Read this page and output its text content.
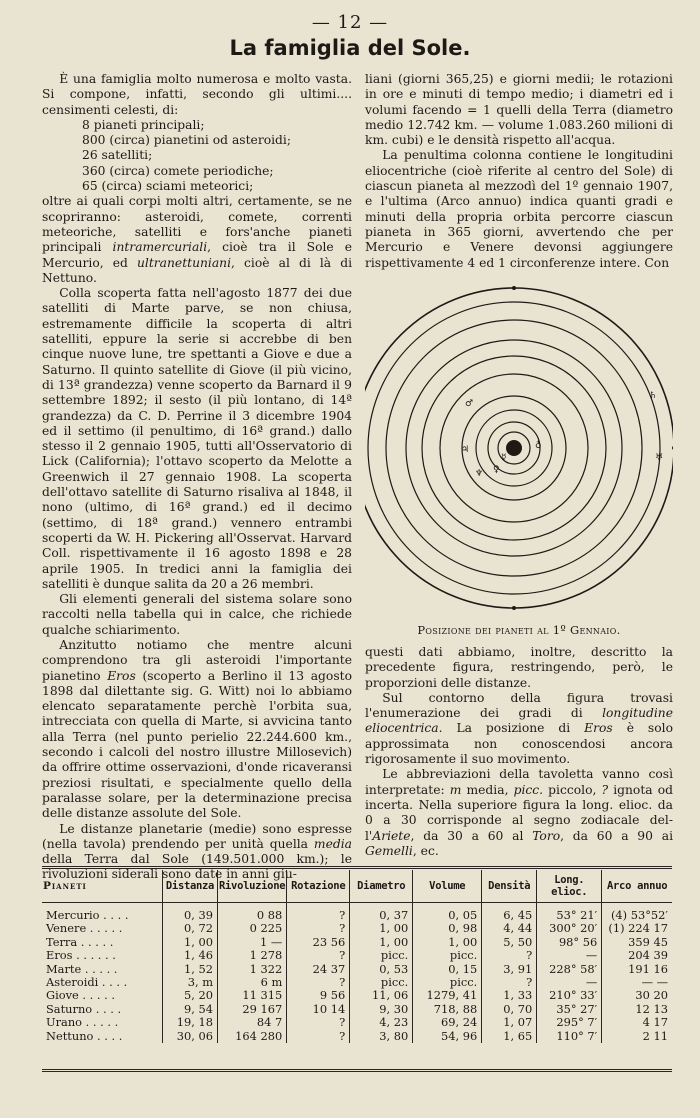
— 12 —
La famiglia del Sole.

È una famiglia molto numerosa e molto vasta. Si compone, infatti, secondo gli ultimi.... censimenti celesti, di:

8 pianeti principali;
800 (circa) pianetini od asteroidi;
26 satelliti;
360 (circa) comete periodiche;
65 (circa) sciami meteorici;

oltre ai quali corpi molti altri, certamente, se ne scopriranno: asteroidi, comete, correnti meteoriche, satelliti e fors'anche pianeti principali intramercuriali, cioè tra il Sole e Mercurio, ed ultranettuniani, cioè al di là di Nettuno.

Colla scoperta fatta nell'agosto 1877 dei due satelliti di Marte parve, se non chiusa, estremamente difficile la scoperta di altri satelliti, eppure la serie si accrebbe di ben cinque nuove lune, tre spettanti a Giove e due a Saturno. Il quinto satellite di Giove (il più vicino, di 13ª grandezza) venne scoperto da Barnard il 9 settembre 1892; il sesto (il più lontano, di 14ª grandezza) da C. D. Perrine il 3 dicembre 1904 ed il settimo (il penultimo, di 16ª grand.) dallo stesso il 2 gennaio 1905, tutti all'Osservatorio di Lick (California); l'ottavo scoperto da Melotte a Greenwich il 27 gennaio 1908. La scoperta dell'ottavo satellite di Saturno risaliva al 1848, il nono (ultimo, di 16ª grand.) ed il decimo (settimo, di 18ª grand.) vennero entrambi scoperti da W. H. Pickering all'Osservat. Harvard Coll. rispettivamente il 16 agosto 1898 e 28 aprile 1905. In tredici anni la famiglia dei satelliti è dunque salita da 20 a 26 membri.

Gli elementi generali del sistema solare sono raccolti nella tabella qui in calce, che richiede qualche schiarimento.

Anzitutto notiamo che mentre alcuni comprendono tra gli asteroidi l'importante pianetino Eros (scoperto a Berlino il 13 agosto 1898 dal dilettante sig. G. Witt) noi lo abbiamo elencato separatamente perchè l'orbita sua, intrecciata con quella di Marte, si avvicina tanto alla Terra (nel punto perielio 22.244.600 km., secondo i calcoli del nostro illustre Millosevich) da offrire ottime osservazioni, d'onde ricaveransi preziosi risultati, e specialmente quello della paralasse solare, per la determinazione precisa delle distanze assolute del Sole.

Le distanze planetarie (medie) sono espresse (nella tavola) prendendo per unità quella media della Terra dal Sole (149.501.000 km.); le rivoluzioni siderali sono date in anni giu-

liani (giorni 365,25) e giorni medii; le rotazioni in ore e minuti di tempo medio; i diametri ed i volumi facendo = 1 quelli della Terra (diametro medio 12.742 km. — volume 1.083.260 milioni di km. cubi) e le densità rispetto all'acqua.

La penultima colonna contiene le longitudini eliocentriche (cioè riferite al centro del Sole) di ciascun pianeta al mezzodì del 1º gennaio 1907, e l'ultima (Arco annuo) indica quanti gradi e minuti della propria orbita percorre ciascun pianeta in 365 giorni, avvertendo che per Mercurio e Venere devonsi aggiungere rispettivamente 4 ed 1 circonferenze intere. Con

☿
♀
♁
♂
♃
♄
♅
♆
Posizione dei pianeti al 1º Gennaio.

questi dati abbiamo, inoltre, descritto la precedente figura, restringendo, però, le proporzioni delle distanze.

Sul contorno della figura trovasi l'enumerazione dei gradi di longitudine eliocentrica. La posizione di Eros è solo approssimata non conoscendosi ancora rigorosamente il suo movimento.

Le abbreviazioni della tavoletta vanno così interpretate: m media, picc. piccolo, ? ignota od incerta. Nella superiore figura la long. elioc. da 0 a 30 corrisponde al segno zodiacale del-l'Ariete, da 30 a 60 al Toro, da 60 a 90 ai Gemelli, ec.

Pianeti	Distanza	Rivoluzione	Rotazione	Diametro	Volume	Densità	Long. elioc.	Arco annuo
Mercurio . . . .	0, 39	0 88	?	0, 37	0, 05	6, 45	53° 21′	(4) 53°52′
Venere . . . . .	0, 72	0 225	?	1, 00	0, 98	4, 44	300° 20′	(1) 224 17
Terra . . . . .	1, 00	1 —	23 56	1, 00	1, 00	5, 50	98° 56	359 45
Eros . . . . . .	1, 46	1 278	?	picc.	picc.	?	—	204 39
Marte . . . . .	1, 52	1 322	24 37	0, 53	0, 15	3, 91	228° 58′	191 16
Asteroidi . . . .	3, m	6 m	?	picc.	picc.	?	—	— —
Giove . . . . .	5, 20	11 315	9 56	11, 06	1279, 41	1, 33	210° 33′	30 20
Saturno . . . .	9, 54	29 167	10 14	9, 30	718, 88	0, 70	35° 27′	12 13
Urano . . . . .	19, 18	84 7	?	4, 23	69, 24	1, 07	295° 7′	4 17
Nettuno . . . .	30, 06	164 280	?	3, 80	54, 96	1, 65	110° 7′	2 11
